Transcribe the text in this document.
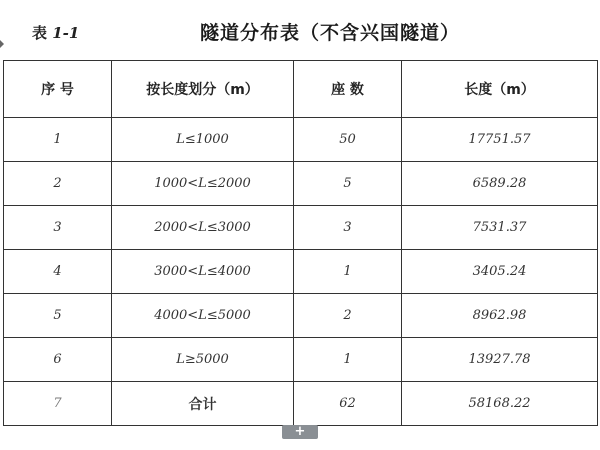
表 1-1	隧道分布表（不含兴国隧道）
序 号	按长度划分（m）	座 数	长度（m）
1	L≤1000	50	17751.57
2	1000<L≤2000	5	6589.28
3	2000<L≤3000	3	7531.37
4	3000<L≤4000	1	3405.24
5	4000<L≤5000	2	8962.98
6	L≥5000	1	13927.78
7	合计	62	58168.22
+
